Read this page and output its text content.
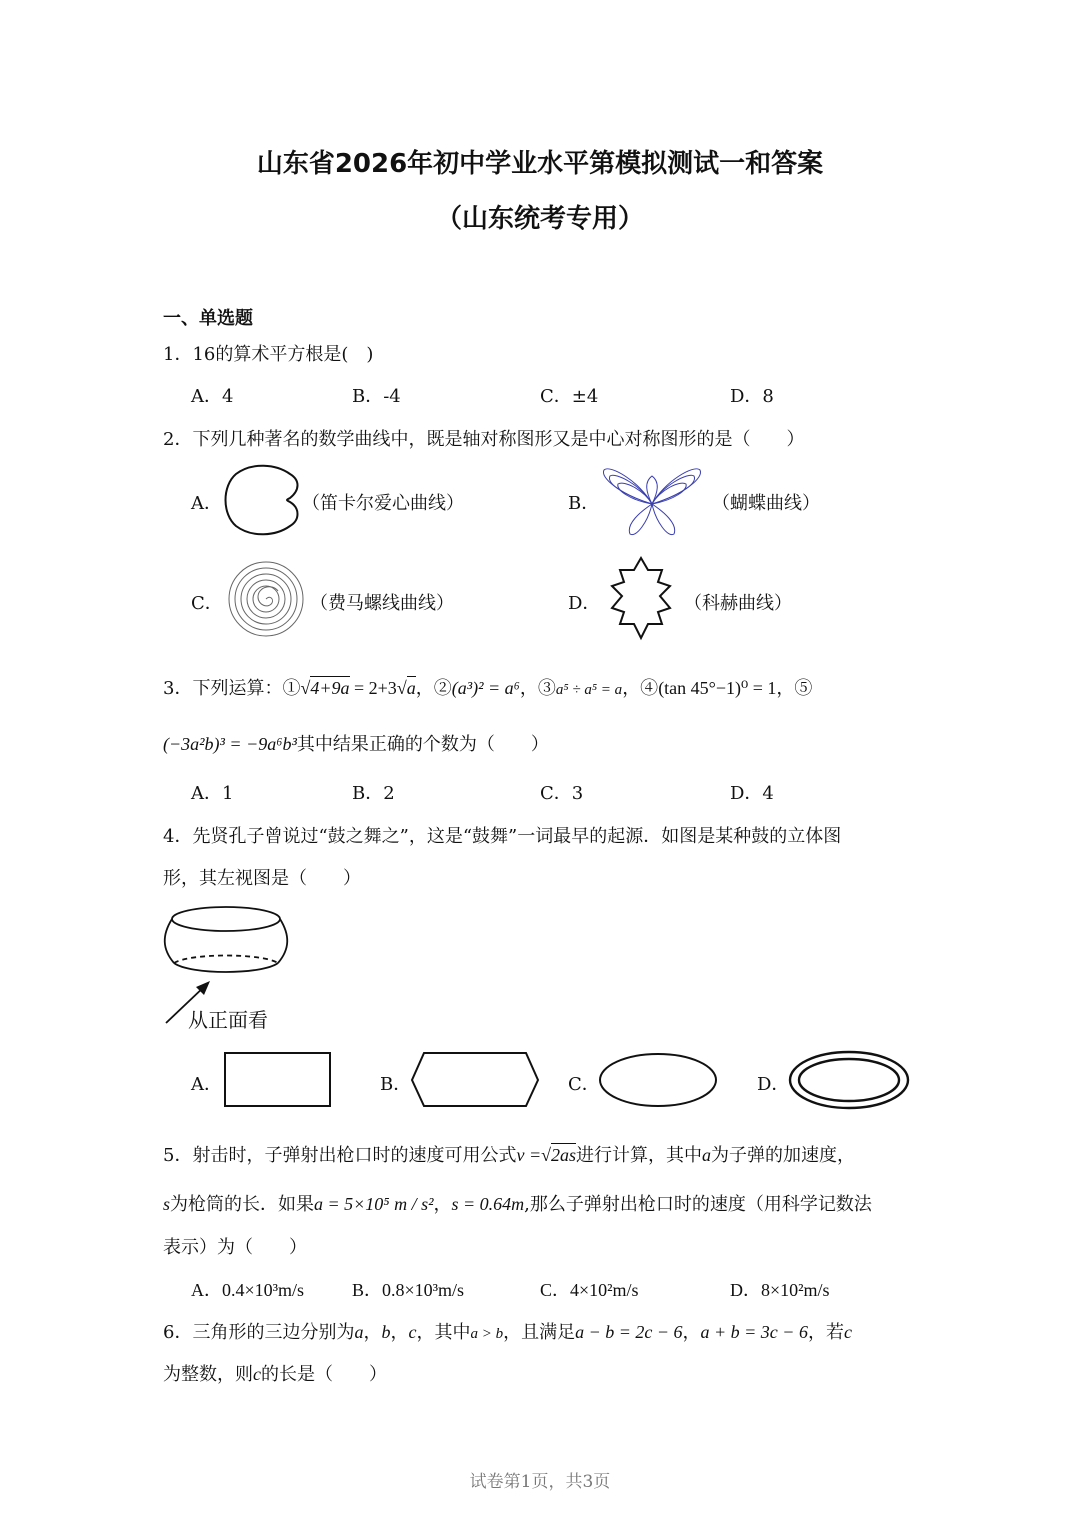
山东省2026年初中学业水平第模拟测试一和答案
（山东统考专用）
一、单选题
1．16的算术平方根是(　)
A．4	B．-4	C．±4	D．8
2．下列几种著名的数学曲线中，既是轴对称图形又是中心对称图形的是（　　）
A．	（笛卡尔爱心曲线）	B．	（蝴蝶曲线）
C．	（费马螺线曲线）	D．	（科赫曲线）
3．下列运算：①√4+9a = 2+3√a，②(a³)² = a⁶，③a⁵ ÷ a⁵ = a，④(tan 45°−1)⁰ = 1，⑤
(−3a²b)³ = −9a⁶b³其中结果正确的个数为（　　）
A．1	B．2	C．3	D．4
4．先贤孔子曾说过“鼓之舞之”，这是“鼓舞”一词最早的起源．如图是某种鼓的立体图
形，其左视图是（　　）
从正面看
A．	B．	C．	D．
5．射击时，子弹射出枪口时的速度可用公式v =√2as进行计算，其中a为子弹的加速度，
s为枪筒的长．如果a = 5×10⁵ m / s²，s = 0.64m,那么子弹射出枪口时的速度（用科学记数法
表示）为（　　）
A．0.4×10³m/s	B．0.8×10³m/s	C．4×10²m/s	D．8×10²m/s
6．三角形的三边分别为a，b，c，其中a > b，且满足a − b = 2c − 6，a + b = 3c − 6，若c
为整数，则c的长是（　　）
试卷第1页，共3页
